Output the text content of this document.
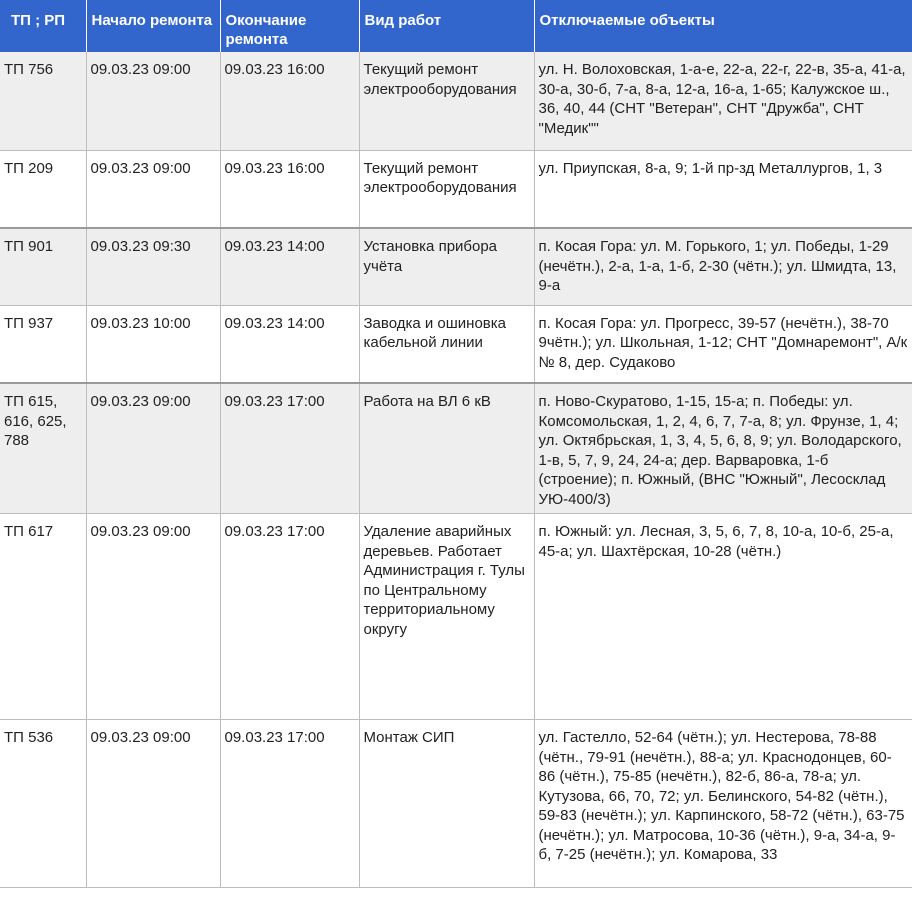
ТП ; РП	Начало ремонта	Окончание ремонта	Вид работ	Отключаемые объекты
ТП 756	09.03.23 09:00	09.03.23 16:00	Текущий ремонт электрооборудования	ул. Н. Волоховская, 1-а-е, 22-а, 22-г, 22-в, 35-а, 41-а, 30-а, 30-б, 7-а, 8-а, 12-а, 16-а, 1-65; Калужское ш., 36, 40, 44 (СНТ "Ветеран", СНТ "Дружба", СНТ "Медик""
ТП 209	09.03.23 09:00	09.03.23 16:00	Текущий ремонт электрооборудования	ул. Приупская, 8-а, 9; 1-й пр-зд Металлургов, 1, 3
ТП 901	09.03.23 09:30	09.03.23 14:00	Установка прибора учёта	п. Косая Гора: ул. М. Горького, 1; ул. Победы, 1-29 (нечётн.), 2-а, 1-а, 1-б, 2-30 (чётн.); ул. Шмидта, 13, 9-а
ТП 937	09.03.23 10:00	09.03.23 14:00	Заводка и ошиновка кабельной линии	п. Косая Гора: ул. Прогресс, 39-57 (нечётн.), 38-70 9чётн.); ул. Школьная, 1-12; СНТ "Домнаремонт", А/к № 8, дер. Судаково
ТП 615, 616, 625, 788	09.03.23 09:00	09.03.23 17:00	Работа на ВЛ 6 кВ	п. Ново-Скуратово, 1-15, 15-а; п. Победы: ул. Комсомольская, 1, 2, 4, 6, 7, 7-а, 8; ул. Фрунзе, 1, 4; ул. Октябрьская, 1, 3, 4, 5, 6, 8, 9; ул. Володарского, 1-в, 5, 7, 9, 24, 24-а; дер. Варваровка, 1-б (строение); п. Южный, (ВНС "Южный", Лесосклад УЮ-400/3)
ТП 617	09.03.23 09:00	09.03.23 17:00	Удаление аварийных деревьев. Работает Администрация г. Тулы по Центральному территориальному округу	п. Южный: ул. Лесная, 3, 5, 6, 7, 8, 10-а, 10-б, 25-а, 45-а; ул. Шахтёрская, 10-28 (чётн.)
ТП 536	09.03.23 09:00	09.03.23 17:00	Монтаж СИП	ул. Гастелло, 52-64 (чётн.); ул. Нестерова, 78-88 (чётн., 79-91 (нечётн.), 88-а; ул. Краснодонцев, 60-86 (чётн.), 75-85 (нечётн.), 82-б, 86-а, 78-а; ул. Кутузова, 66, 70, 72; ул. Белинского, 54-82 (чётн.), 59-83 (нечётн.); ул. Карпинского, 58-72 (чётн.), 63-75 (нечётн.); ул. Матросова, 10-36 (чётн.), 9-а, 34-а, 9-б, 7-25 (нечётн.); ул. Комарова, 33
